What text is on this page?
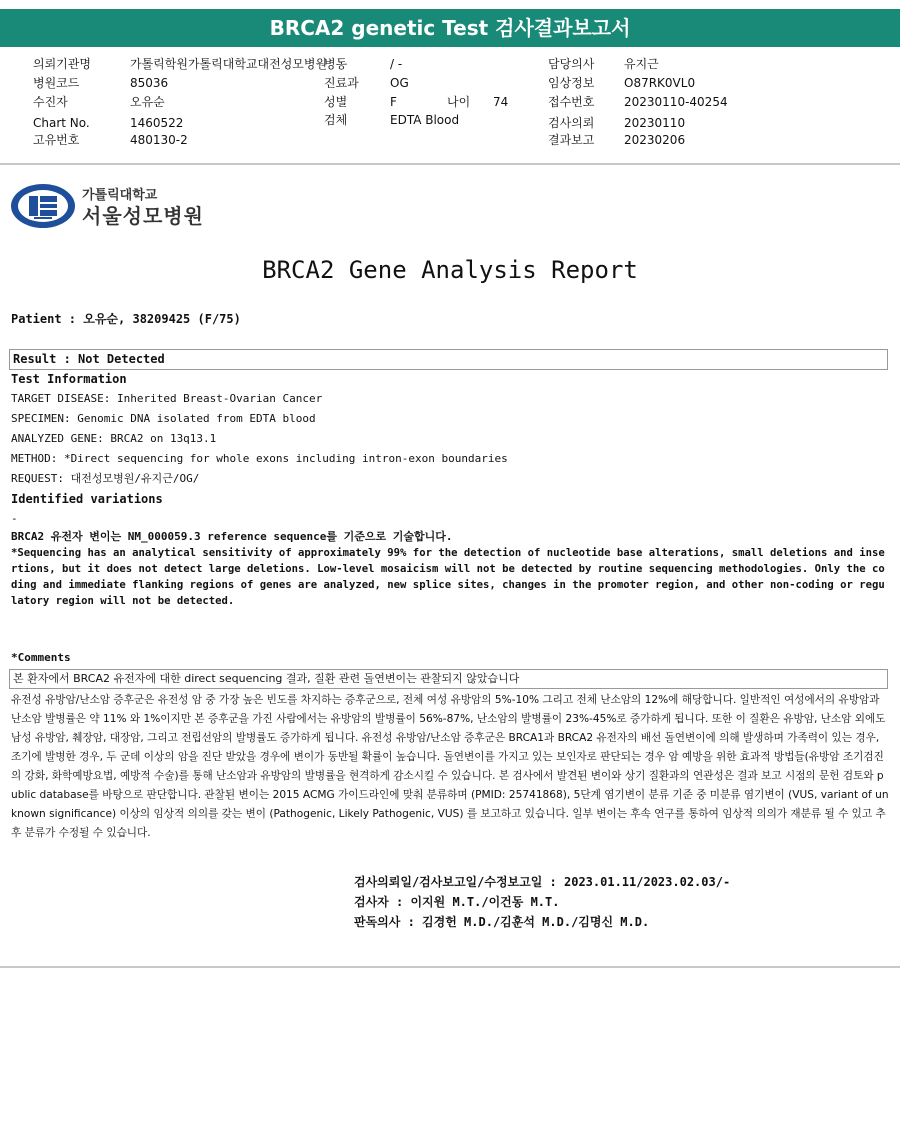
BRCA2 genetic Test 검사결과보고서
의뢰기관명	가톨릭학원가톨릭대학교대전성모병원
병원코드	85036
수진자	오유순
Chart No.	1460522
고유번호	480130-2
병동	/ -
진료과	OG
성별	F	나이 74
검체	EDTA Blood
담당의사 유지근
임상정보 O87RK0VL0
접수번호 20230110-40254
검사의뢰 20230110
결과보고 20230206
가톨릭대학교
서울성모병원
BRCA2 Gene Analysis Report
Patient : 오유순, 38209425 (F/75)
Result : Not Detected
Test Information
TARGET DISEASE: Inherited Breast-Ovarian Cancer
SPECIMEN: Genomic DNA isolated from EDTA blood
ANALYZED GENE: BRCA2 on 13q13.1
METHOD: *Direct sequencing for whole exons including intron-exon boundaries
REQUEST: 대전성모병원/유지근/OG/
Identified variations
-
BRCA2 유전자 변이는 NM_000059.3 reference sequence를 기준으로 기술합니다.
*Sequencing has an analytical sensitivity of approximately 99% for the detection of nucleotide base alterations, small deletions and insertions, but it does not detect large deletions. Low-level mosaicism will not be detected by routine sequencing methodologies. Only the coding and immediate flanking regions of genes are analyzed, new splice sites, changes in the promoter region, and other non-coding or regulatory region will not be detected.
*Comments
본 환자에서 BRCA2 유전자에 대한 direct sequencing 결과, 질환 관련 돌연변이는 관찰되지 않았습니다
유전성 유방암/난소암 증후군은 유전성 암 중 가장 높은 빈도를 차지하는 증후군으로, 전체 여성 유방암의 5%-10% 그리고 전체 난소암의 12%에 해당합니다. 일반적인 여성에서의 유방암과 난소암 발병률은 약 11% 와 1%이지만 본 증후군을 가진 사람에서는 유방암의 발병률이 56%-87%, 난소암의 발병률이 23%-45%로 증가하게 됩니다. 또한 이 질환은 유방암, 난소암 외에도 남성 유방암, 췌장암, 대장암, 그리고 전립선암의 발병률도 증가하게 됩니다. 유전성 유방암/난소암 증후군은 BRCA1과 BRCA2 유전자의 배선 돌연변이에 의해 발생하며 가족력이 있는 경우, 조기에 발병한 경우, 두 군데 이상의 암을 진단 받았을 경우에 변이가 동반될 확률이 높습니다. 돌연변이를 가지고 있는 보인자로 판단되는 경우 암 예방을 위한 효과적 방법들(유방암 조기검진의 강화, 화학예방요법, 예방적 수술)를 통해 난소암과 유방암의 발병률을 현격하게 감소시킬 수 있습니다. 본 검사에서 발견된 변이와 상기 질환과의 연관성은 결과 보고 시점의 문헌 검토와 public database를 바탕으로 판단합니다. 관찰된 변이는 2015 ACMG 가이드라인에 맞춰 분류하며 (PMID: 25741868), 5단계 염기변이 분류 기준 중 미분류 염기변이 (VUS, variant of unknown significance) 이상의 임상적 의의를 갖는 변이 (Pathogenic, Likely Pathogenic, VUS) 를 보고하고 있습니다. 일부 변이는 후속 연구를 통하여 임상적 의의가 재분류 될 수 있고 추후 분류가 수정될 수 있습니다.
검사의뢰일/검사보고일/수정보고일 : 2023.01.11/2023.02.03/-
검사자 : 이지원 M.T./이건동 M.T.
판독의사 : 김경헌 M.D./김훈석 M.D./김명신 M.D.
